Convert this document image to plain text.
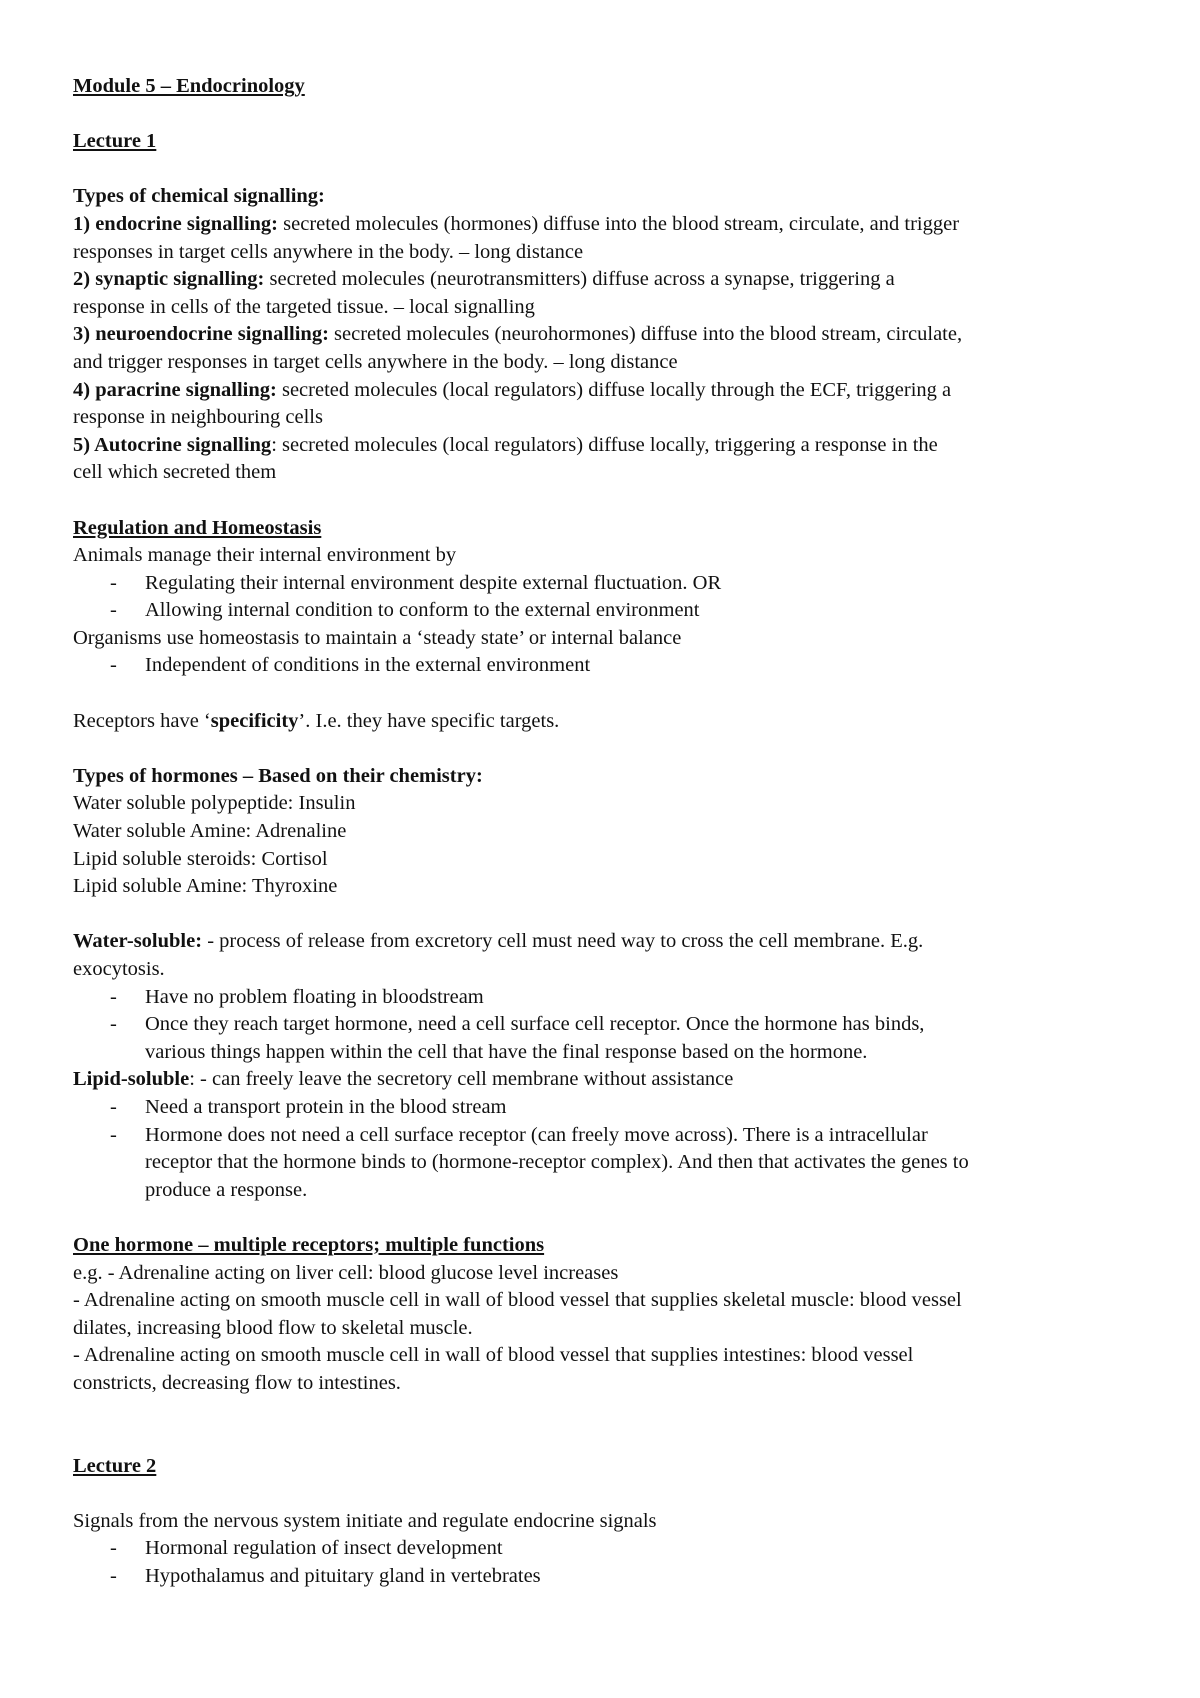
Module 5 – Endocrinology
Lecture 1
Types of chemical signalling:
1) endocrine signalling: secreted molecules (hormones) diffuse into the blood stream, circulate, and trigger
responses in target cells anywhere in the body. – long distance
2) synaptic signalling: secreted molecules (neurotransmitters) diffuse across a synapse, triggering a
response in cells of the targeted tissue. – local signalling
3) neuroendocrine signalling: secreted molecules (neurohormones) diffuse into the blood stream, circulate,
and trigger responses in target cells anywhere in the body. – long distance
4) paracrine signalling: secreted molecules (local regulators) diffuse locally through the ECF, triggering a
response in neighbouring cells
5) Autocrine signalling: secreted molecules (local regulators) diffuse locally, triggering a response in the
cell which secreted them
Regulation and Homeostasis
Animals manage their internal environment by
- Regulating their internal environment despite external fluctuation. OR
- Allowing internal condition to conform to the external environment
Organisms use homeostasis to maintain a ‘steady state’ or internal balance
- Independent of conditions in the external environment
Receptors have ‘specificity’. I.e. they have specific targets.
Types of hormones – Based on their chemistry:
Water soluble polypeptide: Insulin
Water soluble Amine: Adrenaline
Lipid soluble steroids: Cortisol
Lipid soluble Amine: Thyroxine
Water-soluble: - process of release from excretory cell must need way to cross the cell membrane. E.g.
exocytosis.
- Have no problem floating in bloodstream
- Once they reach target hormone, need a cell surface cell receptor. Once the hormone has binds,
various things happen within the cell that have the final response based on the hormone.
Lipid-soluble: - can freely leave the secretory cell membrane without assistance
- Need a transport protein in the blood stream
- Hormone does not need a cell surface receptor (can freely move across). There is a intracellular
receptor that the hormone binds to (hormone-receptor complex). And then that activates the genes to
produce a response.
One hormone – multiple receptors; multiple functions
e.g. - Adrenaline acting on liver cell: blood glucose level increases
- Adrenaline acting on smooth muscle cell in wall of blood vessel that supplies skeletal muscle: blood vessel
dilates, increasing blood flow to skeletal muscle.
- Adrenaline acting on smooth muscle cell in wall of blood vessel that supplies intestines: blood vessel
constricts, decreasing flow to intestines.
Lecture 2
Signals from the nervous system initiate and regulate endocrine signals
- Hormonal regulation of insect development
- Hypothalamus and pituitary gland in vertebrates
